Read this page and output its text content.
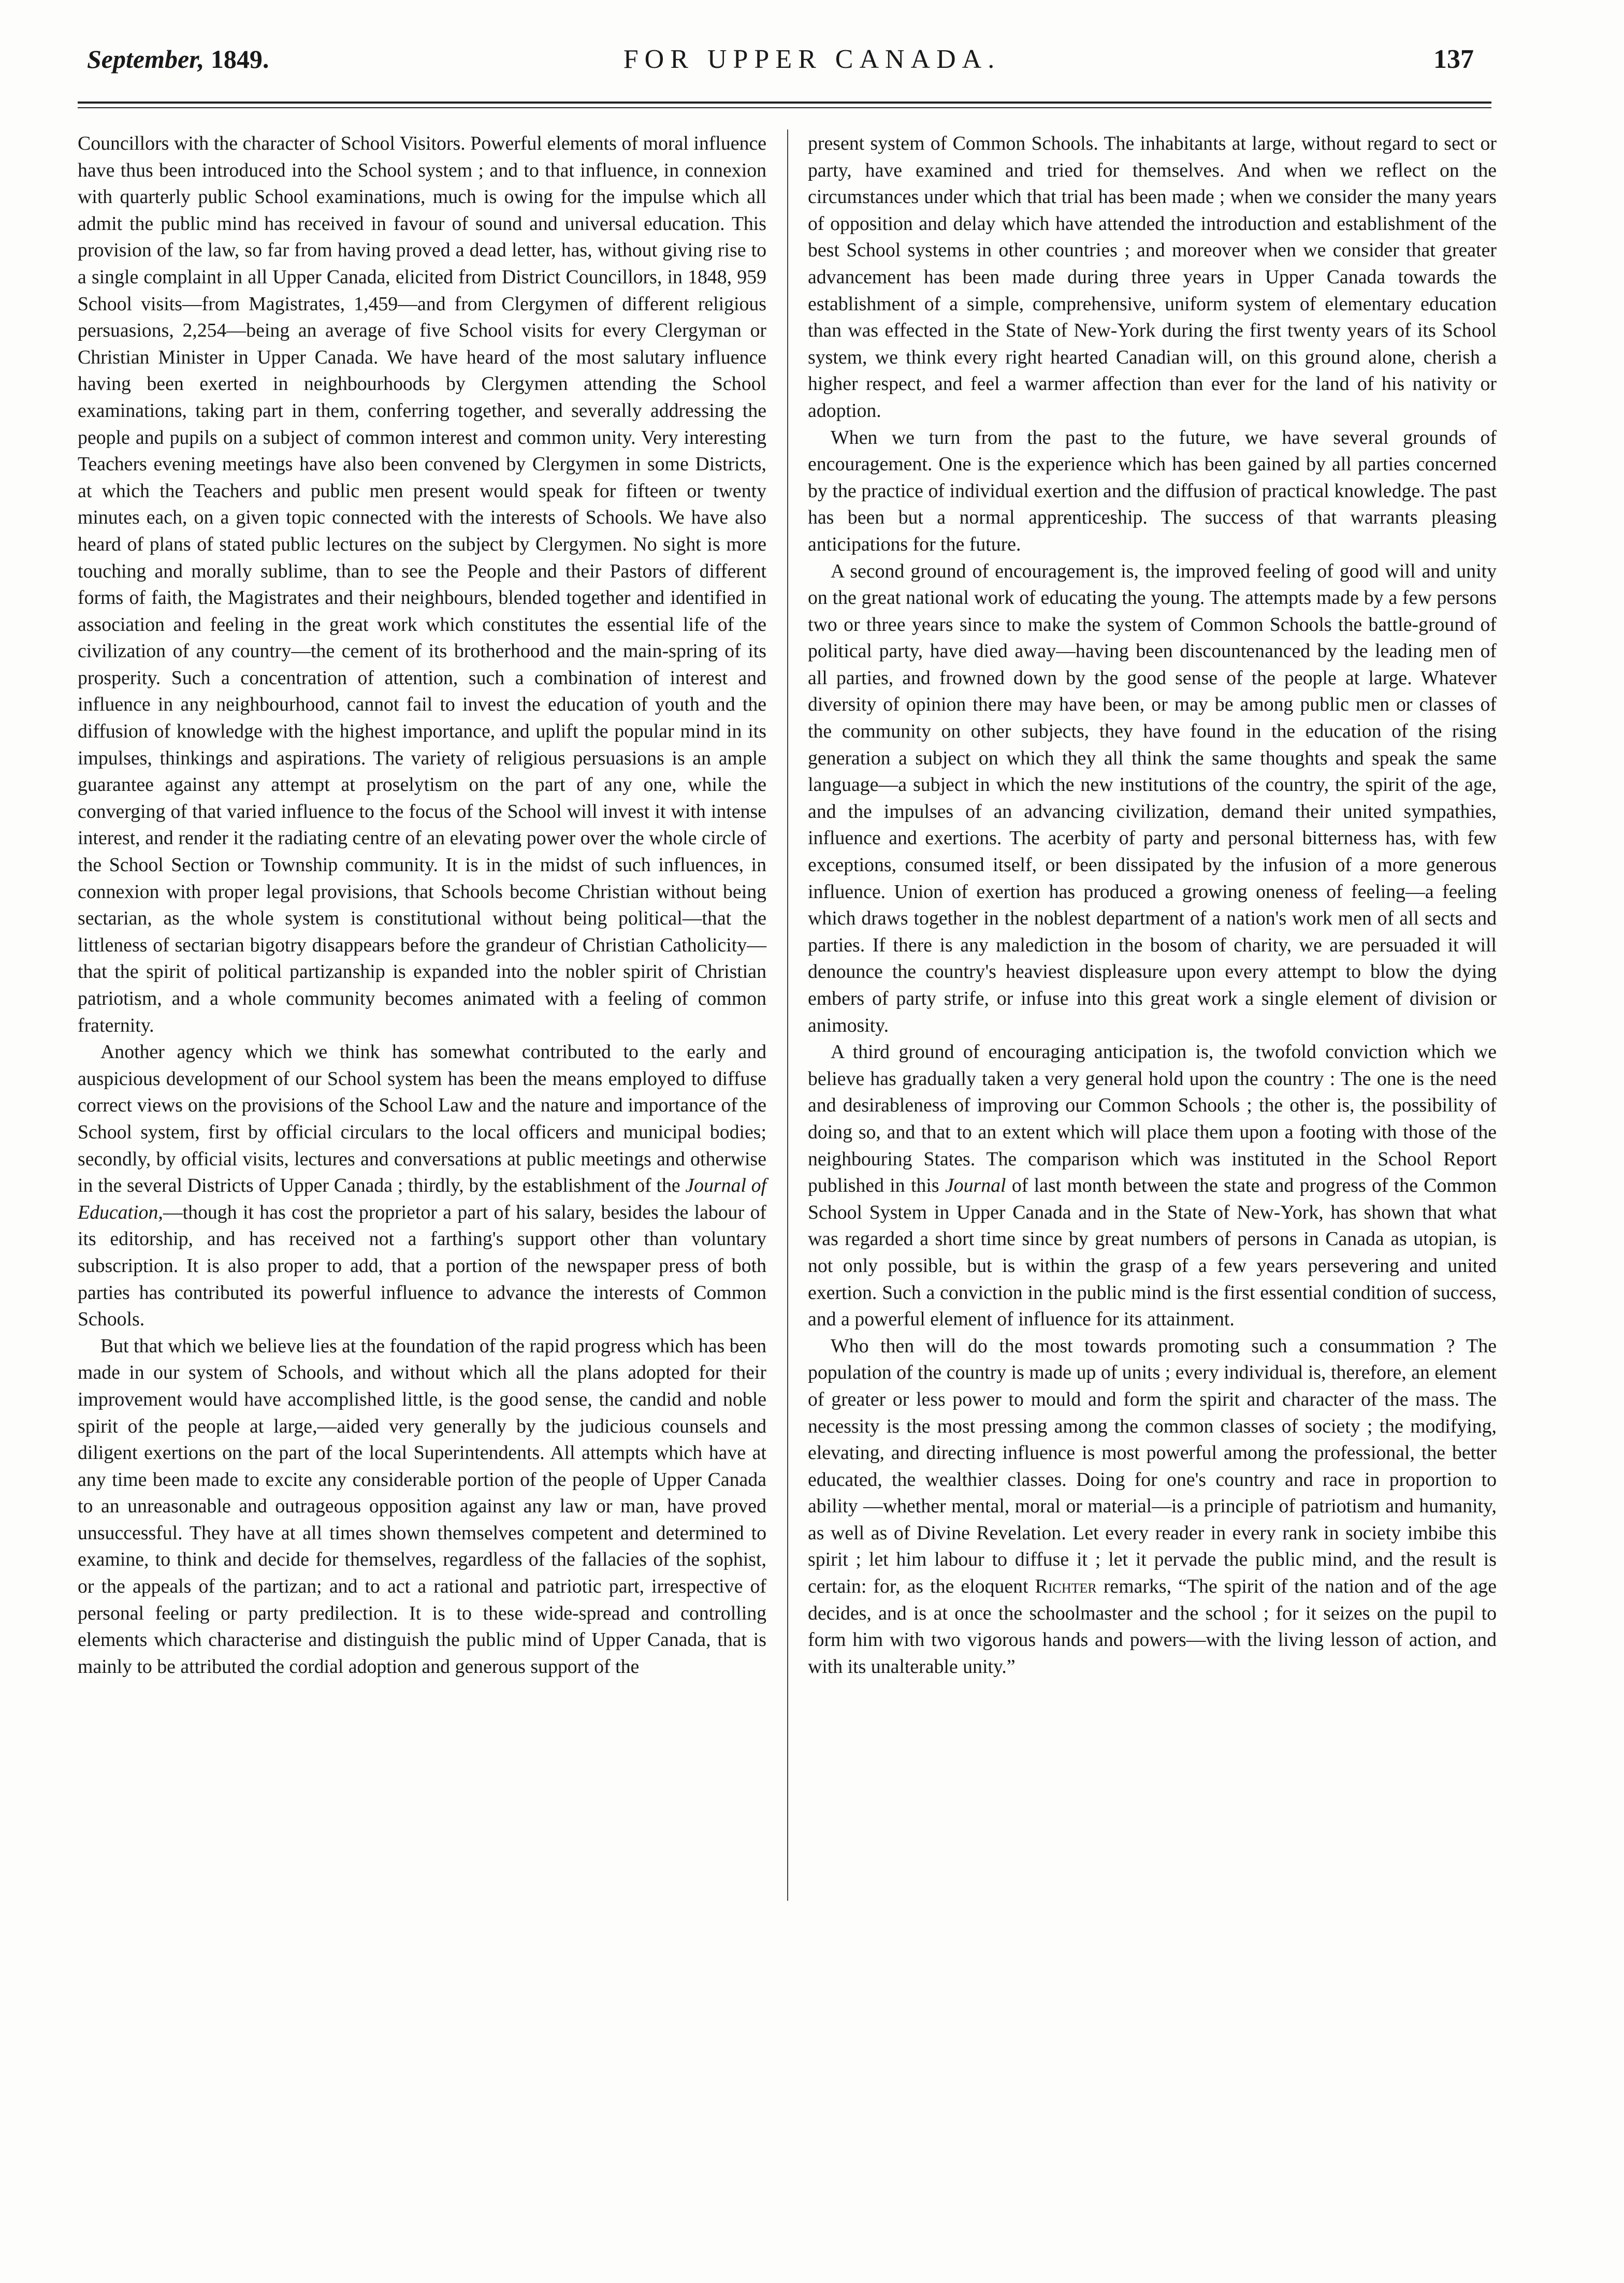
September, 1849.	FOR UPPER CANADA.	137

Councillors with the character of School Visitors. Powerful elements of moral influence have thus been introduced into the School system ; and to that influence, in connexion with quarterly public School examinations, much is owing for the impulse which all admit the public mind has received in favour of sound and universal education. This provision of the law, so far from having proved a dead letter, has, without giving rise to a single complaint in all Upper Canada, elicited from District Councillors, in 1848, 959 School visits—from Magistrates, 1,459—and from Clergymen of different religious persuasions, 2,254—being an average of five School visits for every Clergyman or Christian Minister in Upper Canada. We have heard of the most salutary influence having been exerted in neighbourhoods by Clergymen attending the School examinations, taking part in them, conferring together, and severally addressing the people and pupils on a subject of common interest and common unity. Very interesting Teachers evening meetings have also been convened by Clergymen in some Districts, at which the Teachers and public men present would speak for fifteen or twenty minutes each, on a given topic connected with the interests of Schools. We have also heard of plans of stated public lectures on the subject by Clergymen. No sight is more touching and morally sublime, than to see the People and their Pastors of different forms of faith, the Magistrates and their neighbours, blended together and identified in association and feeling in the great work which constitutes the essential life of the civilization of any country—the cement of its brotherhood and the main-spring of its prosperity. Such a concentration of attention, such a combination of interest and influence in any neighbourhood, cannot fail to invest the education of youth and the diffusion of knowledge with the highest importance, and uplift the popular mind in its impulses, thinkings and aspirations. The variety of religious persuasions is an ample guarantee against any attempt at proselytism on the part of any one, while the converging of that varied influence to the focus of the School will invest it with intense interest, and render it the radiating centre of an elevating power over the whole circle of the School Section or Township community. It is in the midst of such influences, in connexion with proper legal provisions, that Schools become Christian without being sectarian, as the whole system is constitutional without being political—that the littleness of sectarian bigotry disappears before the grandeur of Christian Catholicity—that the spirit of political partizanship is expanded into the nobler spirit of Christian patriotism, and a whole community becomes animated with a feeling of common fraternity.

Another agency which we think has somewhat contributed to the early and auspicious development of our School system has been the means employed to diffuse correct views on the provisions of the School Law and the nature and importance of the School system, first by official circulars to the local officers and municipal bodies; secondly, by official visits, lectures and conversations at public meetings and otherwise in the several Districts of Upper Canada ; thirdly, by the establishment of the Journal of Education,—though it has cost the proprietor a part of his salary, besides the labour of its editorship, and has received not a farthing's support other than voluntary subscription. It is also proper to add, that a portion of the newspaper press of both parties has contributed its powerful influence to advance the interests of Common Schools.

But that which we believe lies at the foundation of the rapid progress which has been made in our system of Schools, and without which all the plans adopted for their improvement would have accomplished little, is the good sense, the candid and noble spirit of the people at large,—aided very generally by the judicious counsels and diligent exertions on the part of the local Superintendents. All attempts which have at any time been made to excite any considerable portion of the people of Upper Canada to an unreasonable and outrageous opposition against any law or man, have proved unsuccessful. They have at all times shown themselves competent and determined to examine, to think and decide for themselves, regardless of the fallacies of the sophist, or the appeals of the partizan; and to act a rational and patriotic part, irrespective of personal feeling or party predilection. It is to these wide-spread and controlling elements which characterise and distinguish the public mind of Upper Canada, that is mainly to be attributed the cordial adoption and generous support of the

present system of Common Schools. The inhabitants at large, without regard to sect or party, have examined and tried for themselves. And when we reflect on the circumstances under which that trial has been made ; when we consider the many years of opposition and delay which have attended the introduction and establishment of the best School systems in other countries ; and moreover when we consider that greater advancement has been made during three years in Upper Canada towards the establishment of a simple, comprehensive, uniform system of elementary education than was effected in the State of New-York during the first twenty years of its School system, we think every right hearted Canadian will, on this ground alone, cherish a higher respect, and feel a warmer affection than ever for the land of his nativity or adoption.

When we turn from the past to the future, we have several grounds of encouragement. One is the experience which has been gained by all parties concerned by the practice of individual exertion and the diffusion of practical knowledge. The past has been but a normal apprenticeship. The success of that warrants pleasing anticipations for the future.

A second ground of encouragement is, the improved feeling of good will and unity on the great national work of educating the young. The attempts made by a few persons two or three years since to make the system of Common Schools the battle-ground of political party, have died away—having been discountenanced by the leading men of all parties, and frowned down by the good sense of the people at large. Whatever diversity of opinion there may have been, or may be among public men or classes of the community on other subjects, they have found in the education of the rising generation a subject on which they all think the same thoughts and speak the same language—a subject in which the new institutions of the country, the spirit of the age, and the impulses of an advancing civilization, demand their united sympathies, influence and exertions. The acerbity of party and personal bitterness has, with few exceptions, consumed itself, or been dissipated by the infusion of a more generous influence. Union of exertion has produced a growing oneness of feeling—a feeling which draws together in the noblest department of a nation's work men of all sects and parties. If there is any malediction in the bosom of charity, we are persuaded it will denounce the country's heaviest displeasure upon every attempt to blow the dying embers of party strife, or infuse into this great work a single element of division or animosity.

A third ground of encouraging anticipation is, the twofold conviction which we believe has gradually taken a very general hold upon the country : The one is the need and desirableness of improving our Common Schools ; the other is, the possibility of doing so, and that to an extent which will place them upon a footing with those of the neighbouring States. The comparison which was instituted in the School Report published in this Journal of last month between the state and progress of the Common School System in Upper Canada and in the State of New-York, has shown that what was regarded a short time since by great numbers of persons in Canada as utopian, is not only possible, but is within the grasp of a few years persevering and united exertion. Such a conviction in the public mind is the first essential condition of success, and a powerful element of influence for its attainment.

Who then will do the most towards promoting such a consummation ? The population of the country is made up of units ; every individual is, therefore, an element of greater or less power to mould and form the spirit and character of the mass. The necessity is the most pressing among the common classes of society ; the modifying, elevating, and directing influence is most powerful among the professional, the better educated, the wealthier classes. Doing for one's country and race in proportion to ability —whether mental, moral or material—is a principle of patriotism and humanity, as well as of Divine Revelation. Let every reader in every rank in society imbibe this spirit ; let him labour to diffuse it ; let it pervade the public mind, and the result is certain: for, as the eloquent Richter remarks, “The spirit of the nation and of the age decides, and is at once the schoolmaster and the school ; for it seizes on the pupil to form him with two vigorous hands and powers—with the living lesson of action, and with its unalterable unity.”
